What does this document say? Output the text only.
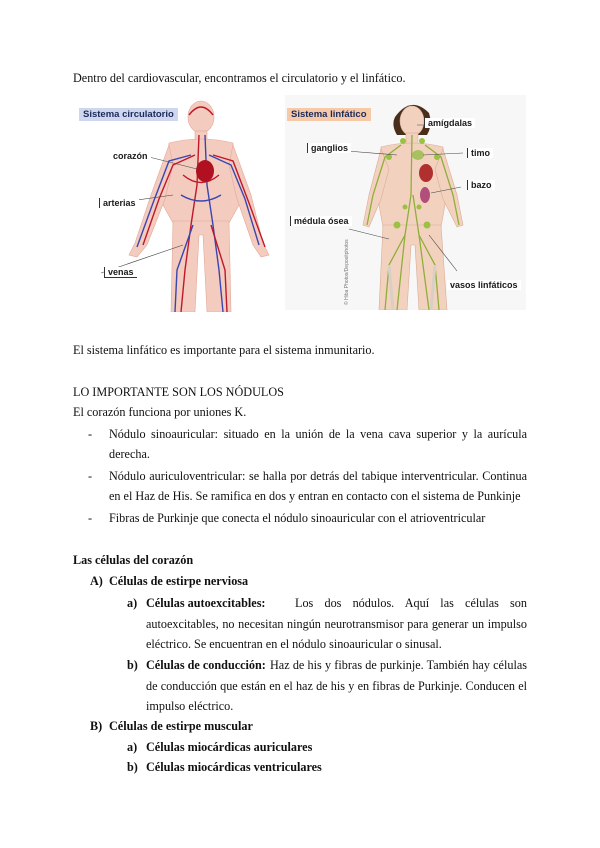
Dentro del cardiovascular, encontramos el circulatorio y el linfático.
Sistema circulatorio
corazón
arterias
venas
Sistema linfático
amígdalas
ganglios	timo
bazo
médula ósea
vasos linfáticos
© Hiba Photos/Depositphotos
El sistema linfático es importante para el sistema inmunitario.
LO IMPORTANTE SON LOS NÓDULOS
El corazón funciona por uniones K.
- Nódulo sinoauricular: situado en la unión de la vena cava superior y la aurícula
derecha.
- Nódulo auriculoventricular: se halla por detrás del tabique interventricular. Continua
en el Haz de His. Se ramifica en dos y entran en contacto con el sistema de Punkinje
- Fibras de Purkinje que conecta el nódulo sinoauricular con el atrioventricular
Las células del corazón
A) Células de estirpe nerviosa
a) Células autoexcitables: Los dos nódulos. Aquí las células son
autoexcitables, no necesitan ningún neurotransmisor para generar un impulso
eléctrico. Se encuentran en el nódulo sinoauricular o sinusal.
b) Células de conducción: Haz de his y fibras de purkinje. También hay células
de conducción que están en el haz de his y en fibras de Purkinje. Conducen el
impulso eléctrico.
B) Células de estirpe muscular
a) Células miocárdicas auriculares
b) Células miocárdicas ventriculares
